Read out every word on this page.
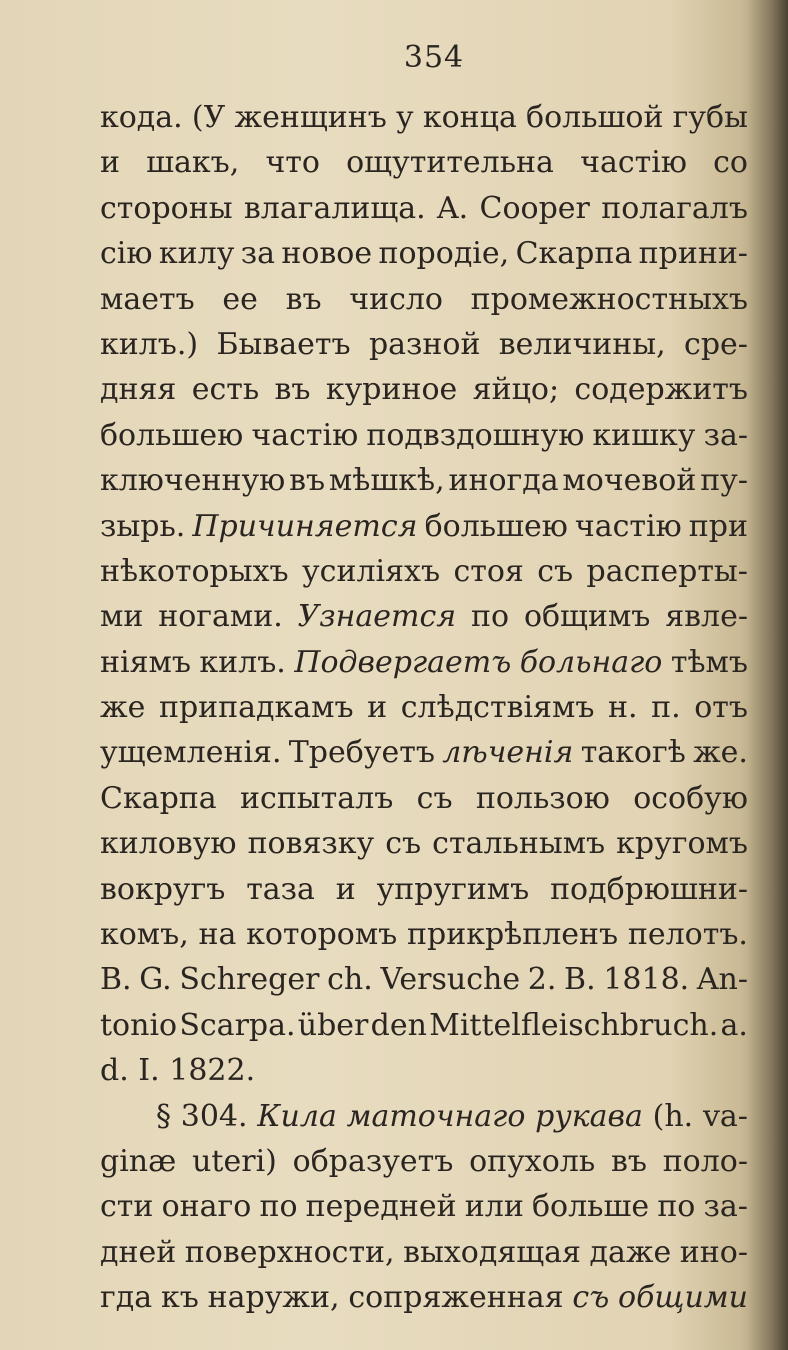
354
кода. (У женщинъ у конца большой губы
и шакъ, что ощутительна частію со
стороны влагалища. A. Cooper полагалъ
сію килу за новое породіе, Скарпа прини-
маетъ ее въ число промежностныхъ
килъ.) Бываетъ разной величины, сре-
дняя есть въ куриное яйцо; содержитъ
большею частію подвздошную кишку за-
ключенную въ мѣшкѣ, иногда мочевой пу-
зырь. Причиняется большею частію при
нѣкоторыхъ усиліяхъ стоя съ расперты-
ми ногами. Узнается по общимъ явле-
ніямъ килъ. Подвергаетъ больнаго тѣмъ
же припадкамъ и слѣдствіямъ н. п. отъ
ущемленія. Требуетъ лѣченія такогѣ же.
Скарпа испыталъ съ пользою особую
киловую повязку съ стальнымъ кругомъ
вокругъ таза и упругимъ подбрюшни-
комъ, на которомъ прикрѣпленъ пелотъ.
B. G. Schreger ch. Versuche 2. B. 1818. An-
tonio Scarpa. über den Mittelfleischbruch. a.
d.
I.
1822.
§ 304. Кила маточнаго рукава (h. va-
ginæ uteri) образуетъ опухоль въ поло-
сти онаго по передней или больше по за-
дней поверхности, выходящая даже ино-
гда къ наружи, сопряженная съ общими
